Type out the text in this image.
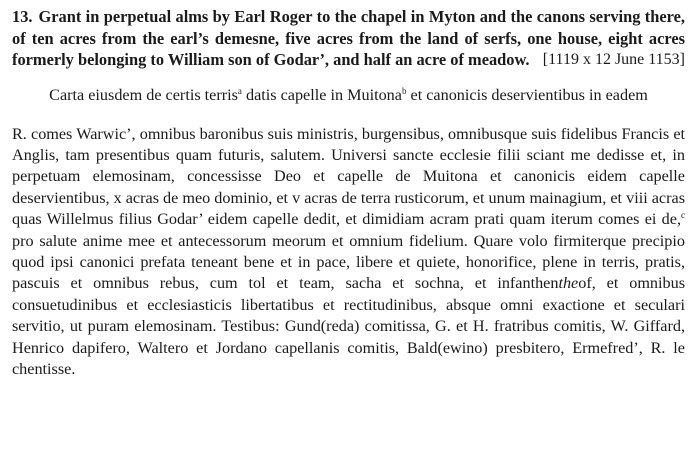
13. Grant in perpetual alms by Earl Roger to the chapel in Myton and the canons serving there, of ten acres from the earl’s demesne, five acres from the land of serfs, one house, eight acres formerly belonging to William son of Godar’, and half an acre of meadow. [1119 x 12 June 1153]

Carta eiusdem de certis terris$^a$ datis capelle in Muitona$^b$ et canonicis deservientibus in eadem
R. comes Warwic’, omnibus baronibus suis ministris, burgensibus, omnibusque suis fidelibus Francis et Anglis, tam presentibus quam futuris, salutem. Universi sancte ecclesie filii sciant me dedisse et, in perpetuam elemosinam, concessisse Deo et capelle de Muitona et canonicis eidem capelle deservientibus, x acras de meo dominio, et v acras de terra rusticorum, et unum mainagium, et viii acras quas Willelmus filius Godar’ eidem capelle dedit, et dimidiam acram prati quam iterum comes ei de,$^c$ pro salute anime mee et antecessorum meorum et omnium fidelium. Quare volo firmiterque precipio quod ipsi canonici prefata teneant bene et in pace, libere et quiete, honorifice, plene in terris, pratis, pascuis et omnibus rebus, cum tol et team, sacha et sochna, et infanthentheof, et omnibus consuetudinibus et ecclesiasticis libertatibus et rectitudinibus, absque omni exactione et seculari servitio, ut puram elemosinam. Testibus: Gund(reda) comitissa, G. et H. fratribus comitis, W. Giffard, Henrico dapifero, Waltero et Jordano capellanis comitis, Bald(ewino) presbitero, Ermefred’, R. le chentisse.
